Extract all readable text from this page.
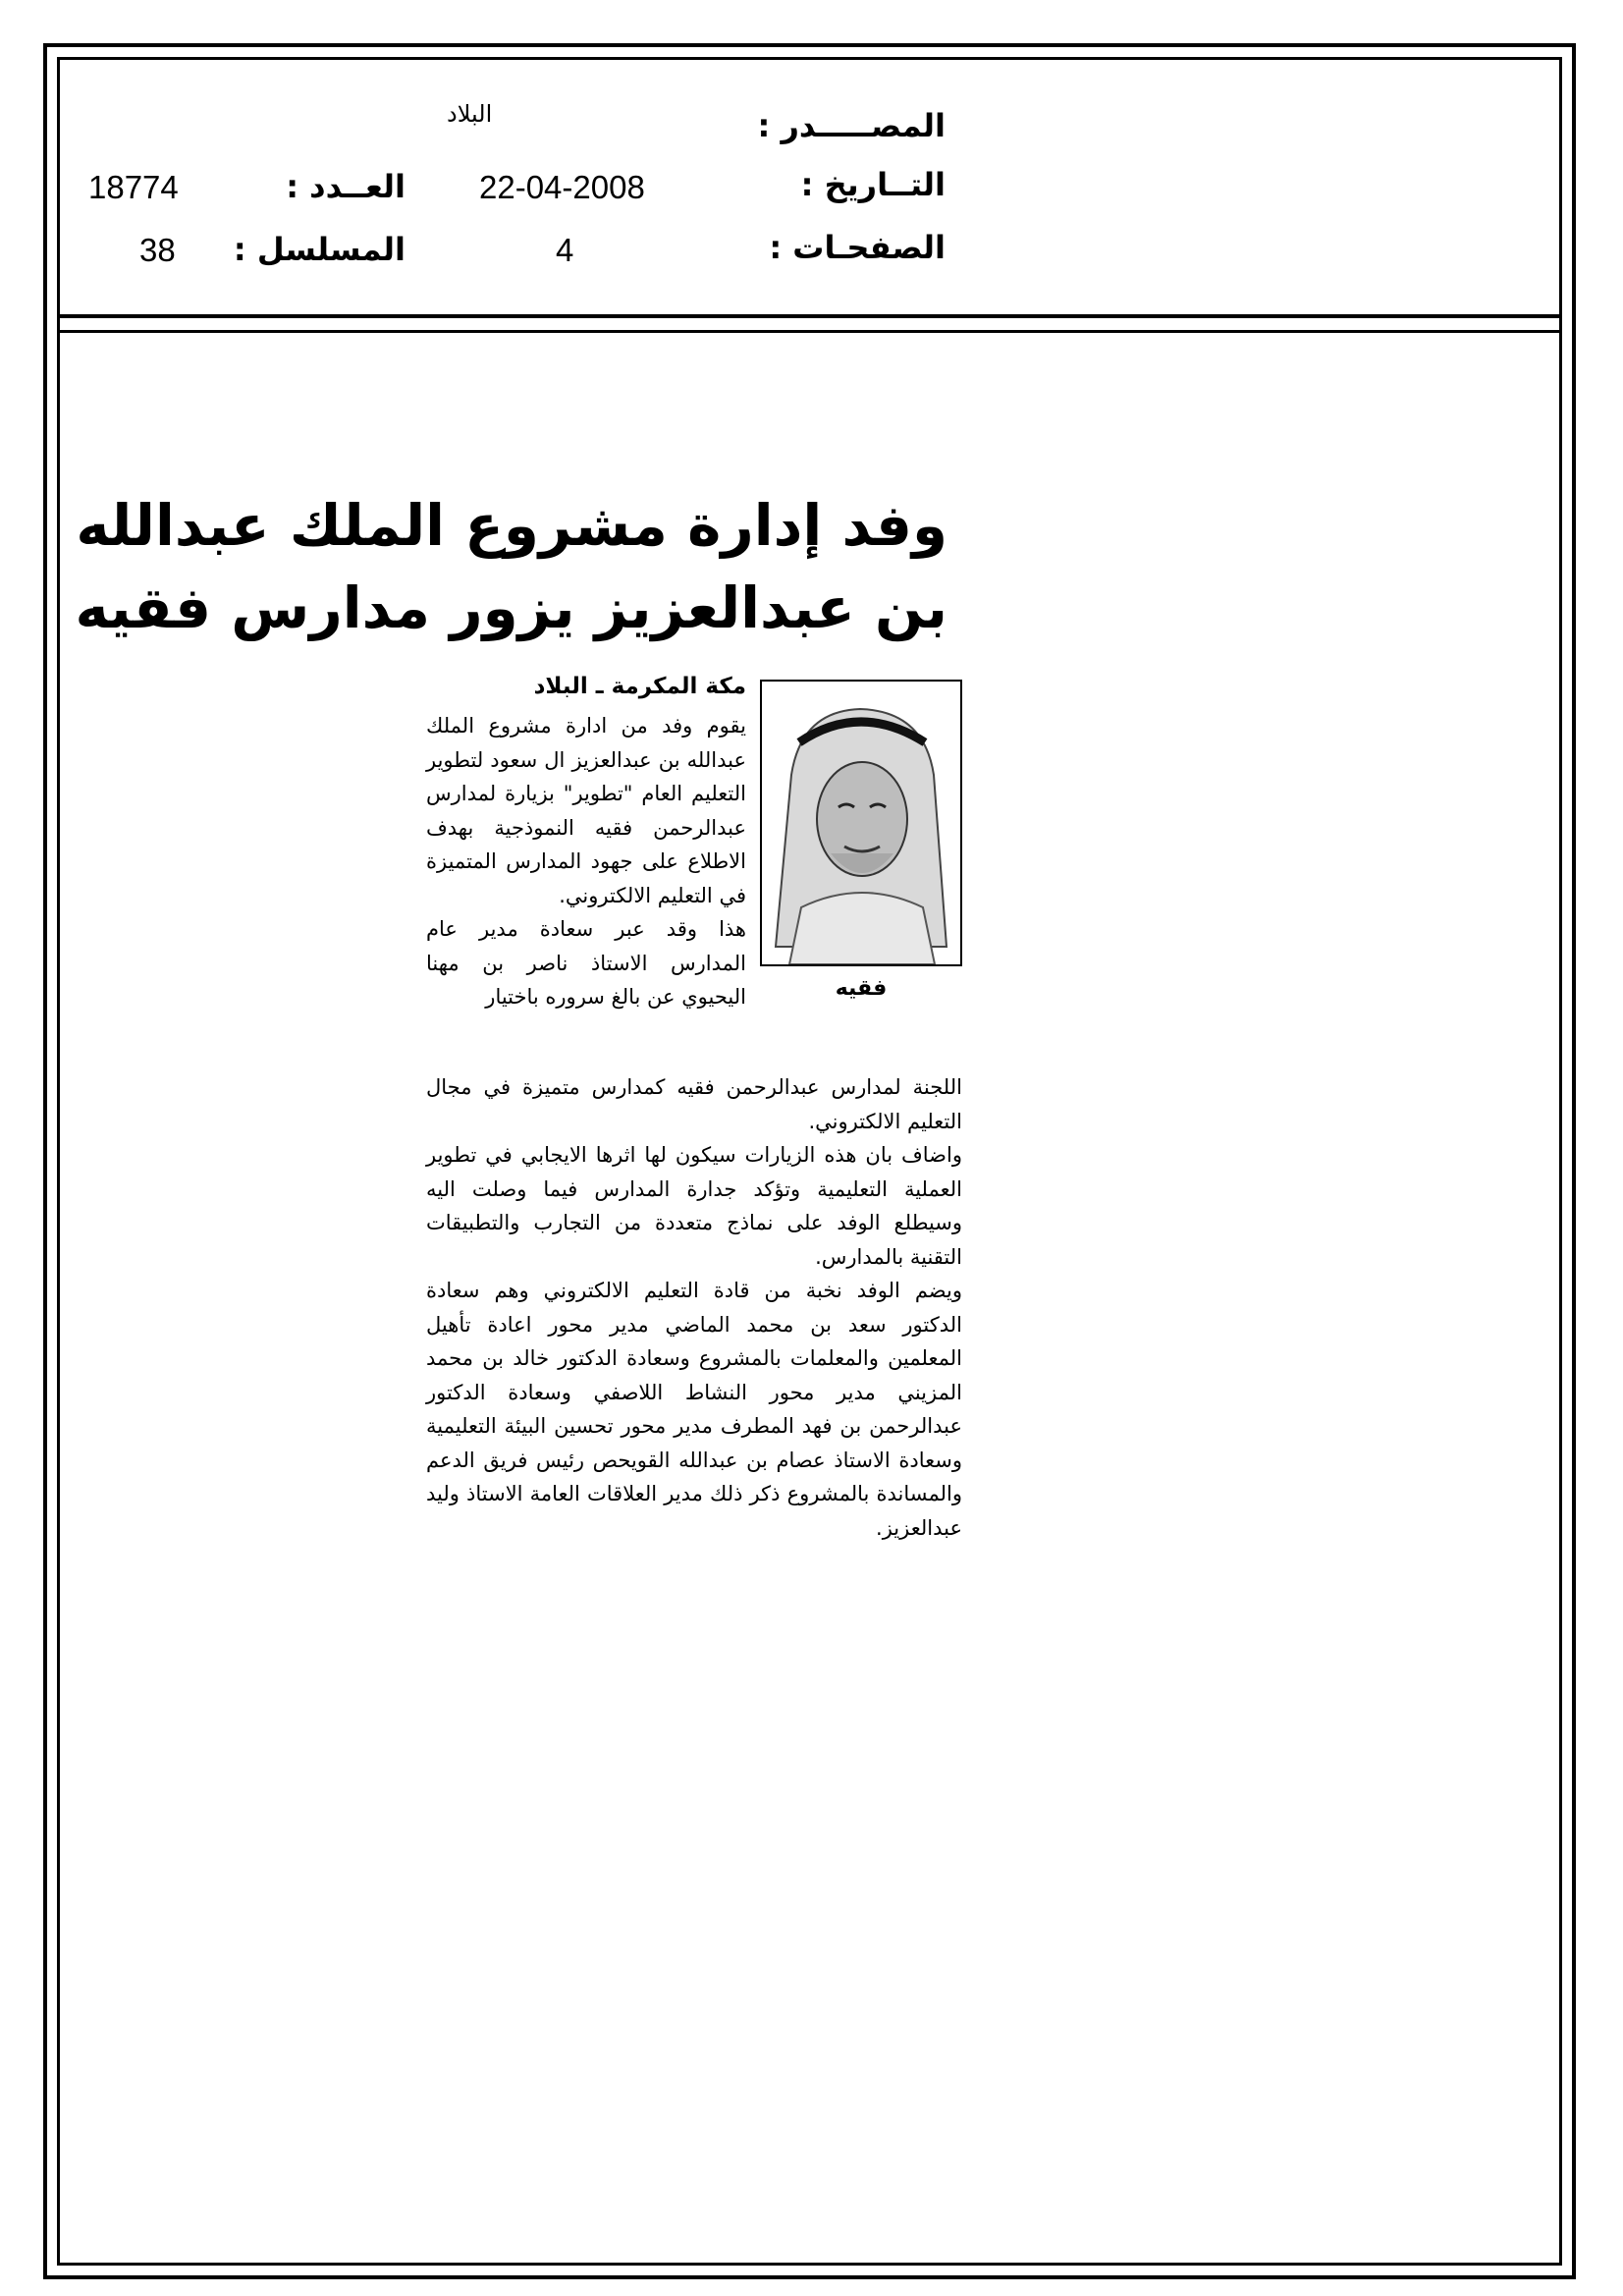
المصـــــدر :
البلاد
التــاريخ :
22-04-2008
الصفحـات :
4
العــدد :
18774
المسلسل :
38
وفد إدارة مشروع الملك عبدالله
بن عبدالعزيز يزور مدارس فقيه
مكة المكرمة ـ البلاد
فقيه

يقوم وفد من ادارة مشروع الملك عبدالله بن عبدالعزيز ال سعود لتطوير التعليم العام "تطوير" بزيارة لمدارس عبدالرحمن فقيه النموذجية بهدف الاطلاع على جهود المدارس المتميزة في التعليم الالكتروني.

هذا وقد عبر سعادة مدير عام المدارس الاستاذ ناصر بن مهنا اليحيوي عن بالغ سروره باختيار

اللجنة لمدارس عبدالرحمن فقيه كمدارس متميزة في مجال التعليم الالكتروني.

واضاف بان هذه الزيارات سيكون لها اثرها الايجابي في تطوير العملية التعليمية وتؤكد جدارة المدارس فيما وصلت اليه وسيطلع الوفد على نماذج متعددة من التجارب والتطبيقات التقنية بالمدارس.

ويضم الوفد نخبة من قادة التعليم الالكتروني وهم سعادة الدكتور سعد بن محمد الماضي مدير محور اعادة تأهيل المعلمين والمعلمات بالمشروع وسعادة الدكتور خالد بن محمد المزيني مدير محور النشاط اللاصفي وسعادة الدكتور عبدالرحمن بن فهد المطرف مدير محور تحسين البيئة التعليمية وسعادة الاستاذ عصام بن عبدالله القويحص رئيس فريق الدعم والمساندة بالمشروع ذكر ذلك مدير العلاقات العامة الاستاذ وليد عبدالعزيز.
